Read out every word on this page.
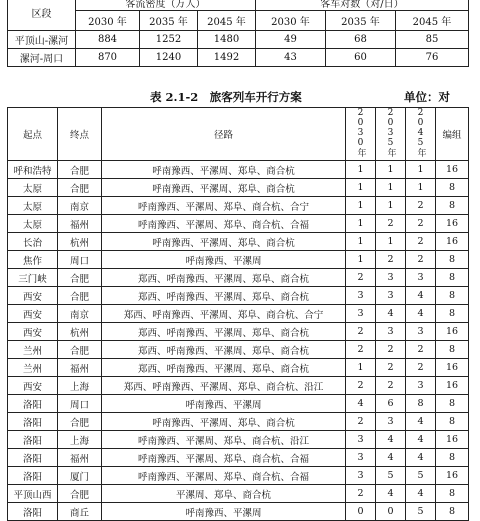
区段	客流密度（万人）			客车对数（对/日）		
	2030 年	2035 年	2045 年	2030 年	2035 年	2045 年
平顶山-漯河	884	1252	1480	49	68	85
漯河-周口	870	1240	1492	43	60	76
表 2.1-2　旅客列车开行方案	单位：对
起点	终点	径路	2030年	2035年	2045年	编组
呼和浩特	合肥	呼南豫西、平漯周、郑阜、商合杭	1	1	1	16
太原	合肥	呼南豫西、平漯周、郑阜、商合杭	1	1	1	8
太原	南京	呼南豫西、平漯周、郑阜、商合杭、合宁	1	1	2	8
太原	福州	呼南豫西、平漯周、郑阜、商合杭、合福	1	2	2	16
长治	杭州	呼南豫西、平漯周、郑阜、商合杭	1	1	2	16
焦作	周口	呼南豫西、平漯周	1	2	2	8
三门峡	合肥	郑西、呼南豫西、平漯周、郑阜、商合杭	2	3	3	8
西安	合肥	郑西、呼南豫西、平漯周、郑阜、商合杭	3	3	4	8
西安	南京	郑西、呼南豫西、平漯周、郑阜、商合杭、合宁	3	4	4	8
西安	杭州	郑西、呼南豫西、平漯周、郑阜、商合杭	2	3	3	16
兰州	合肥	郑西、呼南豫西、平漯周、郑阜、商合杭	2	2	2	8
兰州	福州	郑西、呼南豫西、平漯周、郑阜、商合杭	1	2	2	16
西安	上海	郑西、呼南豫西、平漯周、郑阜、商合杭、沿江	2	2	3	16
洛阳	周口	呼南豫西、平漯周	4	6	8	8
洛阳	合肥	呼南豫西、平漯周、郑阜、商合杭	2	3	4	8
洛阳	上海	呼南豫西、平漯周、郑阜、商合杭、沿江	3	4	4	16
洛阳	福州	呼南豫西、平漯周、郑阜、商合杭、合福	3	4	4	8
洛阳	厦门	呼南豫西、平漯周、郑阜、商合杭、合福	3	5	5	16
平顶山西	合肥	平漯周、郑阜、商合杭	2	4	4	8
洛阳	商丘	呼南豫西、平漯周	0	0	5	8
